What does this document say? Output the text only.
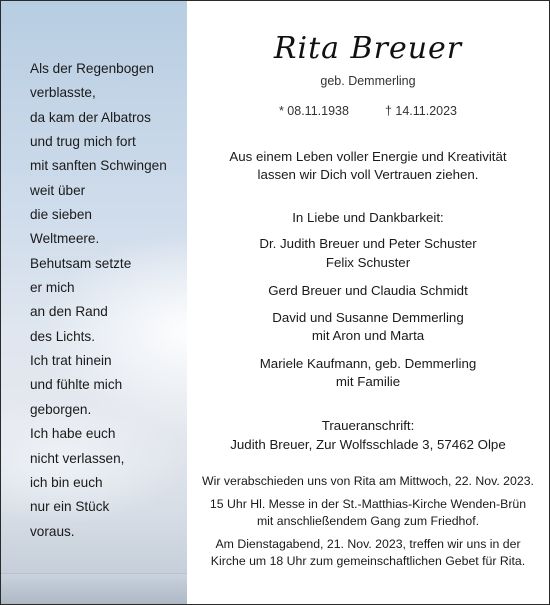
Als der Regenbogen
verblasste,
da kam der Albatros
und trug mich fort
mit sanften Schwingen
weit über
die sieben
Weltmeere.
Behutsam setzte
er mich
an den Rand
des Lichts.
Ich trat hinein
und fühlte mich
geborgen.
Ich habe euch
nicht verlassen,
ich bin euch
nur ein Stück
voraus.
Rita Breuer
geb. Demmerling
* 08.11.1938	† 14.11.2023
Aus einem Leben voller Energie und Kreativität
lassen wir Dich voll Vertrauen ziehen.
In Liebe und Dankbarkeit:
Dr. Judith Breuer und Peter Schuster
Felix Schuster
Gerd Breuer und Claudia Schmidt
David und Susanne Demmerling
mit Aron und Marta
Mariele Kaufmann, geb. Demmerling
mit Familie
Traueranschrift:
Judith Breuer, Zur Wolfsschlade 3, 57462 Olpe
Wir verabschieden uns von Rita am Mittwoch, 22. Nov. 2023.
15 Uhr Hl. Messe in der St.-Matthias-Kirche Wenden-Brün
mit anschließendem Gang zum Friedhof.
Am Dienstagabend, 21. Nov. 2023, treffen wir uns in der
Kirche um 18 Uhr zum gemeinschaftlichen Gebet für Rita.
